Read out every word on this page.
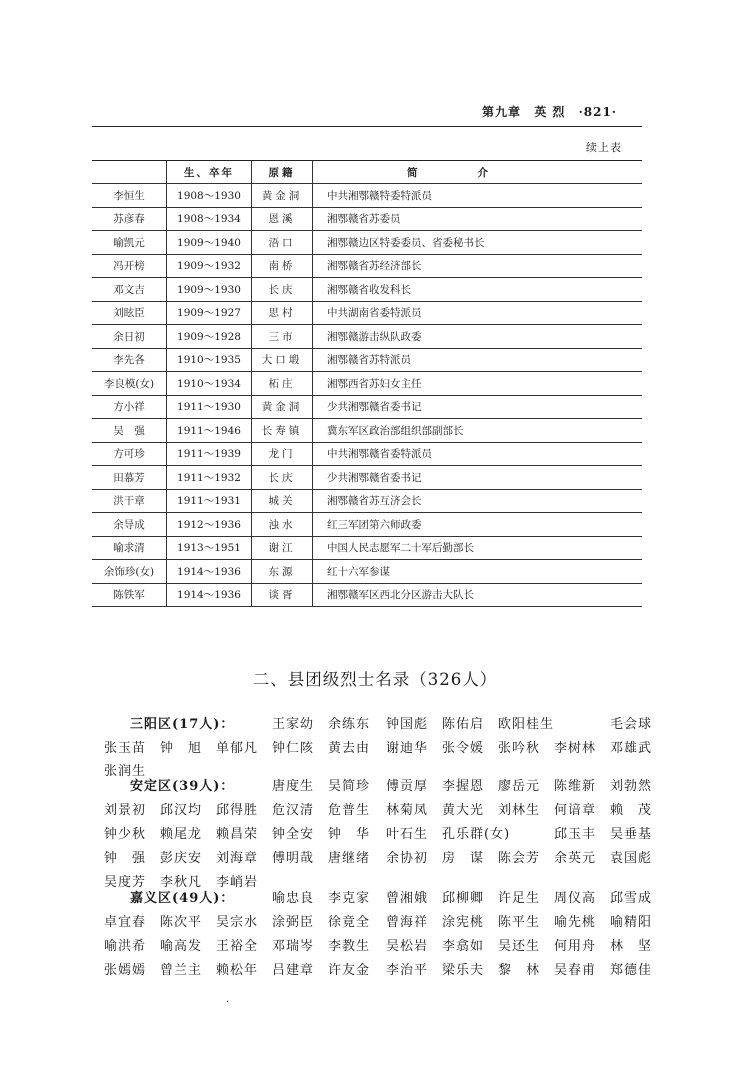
第九章 英 烈 ·821·
续上表
	生、卒年	原籍	简介
李恒生	1908～1930	黄金洞	中共湘鄂赣特委特派员
苏彦春	1908～1934	恩溪	湘鄂赣省苏委员
喻凯元	1909～1940	浯口	湘鄂赣边区特委委员、省委秘书长
冯开榜	1909～1932	南桥	湘鄂赣省苏经济部长
邓文吉	1909～1930	长庆	湘鄂赣省收发科长
刘眩臣	1909～1927	思村	中共湖南省委特派员
余日初	1909～1928	三市	湘鄂赣游击纵队政委
李先各	1910～1935	大口塅	湘鄂赣省苏特派员
李良模(女)	1910～1934	柘庄	湘鄂西省苏妇女主任
方小祥	1911～1930	黄金洞	少共湘鄂赣省委书记
吴　强	1911～1946	长寿镇	冀东军区政治部组织部副部长
方可珍	1911～1939	龙门	中共湘鄂赣省委特派员
田慕芳	1911～1932	长庆	少共湘鄂赣省委书记
洪干章	1911～1931	城关	湘鄂赣省苏互济会长
余导成	1912～1936	浊水	红三军团第六师政委
喻求清	1913～1951	谢江	中国人民志愿军二十军后勤部长
余饰珍(女)	1914～1936	东源	红十六军参谋
陈铁军	1914～1936	谈胥	湘鄂赣军区西北分区游击大队长
二、县团级烈士名录（326人）
三阳区(17人)：	王家幼 余练东 钟国彪 陈佑启 欧阳桂生	毛会球
张玉苗 钟　旭 单郁凡 钟仁陔 黄去由 谢迪华 张令媛 张吟秋 李树林 邓雄武
张润生
安定区(39人)：	唐度生 吴简珍 傅贡厚 李握恩 廖岳元 陈维新 刘勃然
刘景初 邱汉均 邱得胜 危汉清 危普生 林菊凤 黄大光 刘林生 何谙章 赖　茂
钟少秋 赖尾龙 赖昌荣 钟全安 钟　华 叶石生 孔乐群(女)	邱玉丰 吴垂基
钟　强 彭庆安 刘海章 傅明哉 唐继绪 余协初 房　谋 陈会芳 余英元 袁国彪
吴度芳 李秋凡 李峭岩
嘉义区(49人)：	喻忠良 李克家 曾湘娥 邱柳卿 许足生 周仪高 邱雪成
卓宜春 陈次平 吴宗水 涂弼臣 徐竟全 曾海祥 涂宪桃 陈平生 喻先桃 喻精阳
喻洪希 喻高发 王裕全 邓瑞岑 李教生 吴松岩 李翕如 吴还生 何用舟 林　坚
张嫣嫣 曾兰主 赖松年 吕建章 许友金 李治平 梁乐夫 黎　林 吴春甫 郑德佳
·
